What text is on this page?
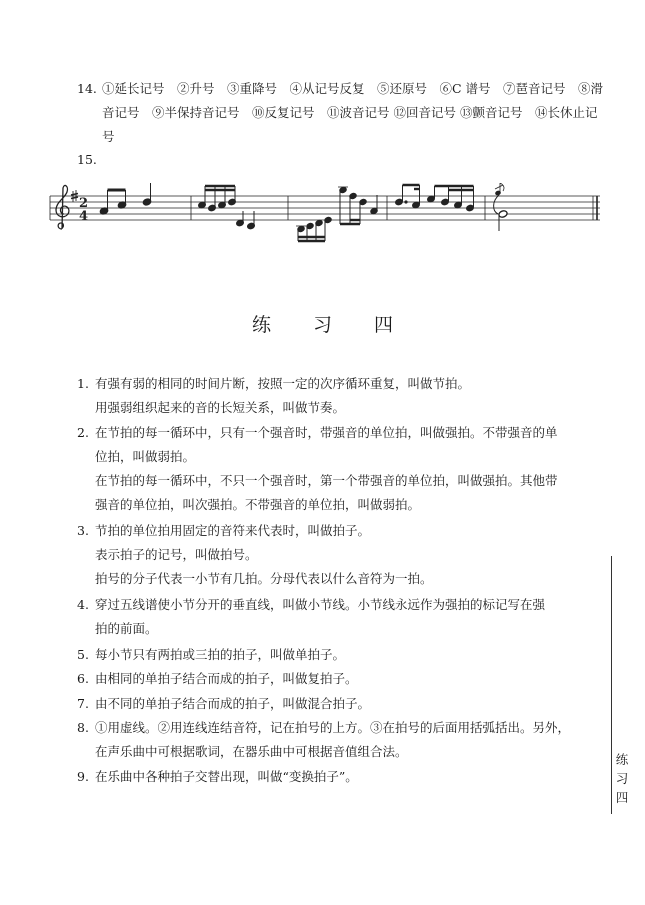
14. ①延长记号　②升号　③重降号　④从记号反复　⑤还原号　⑥C 谱号　⑦琶音记号　⑧滑音记号　⑨半保持音记号　⑩反复记号　⑪波音记号 ⑫回音记号 ⑬颤音记号　⑭长休止记号
15.
2
4
练 习 四
1. 有强有弱的相同的时间片断，按照一定的次序循环重复，叫做节拍。
用强弱组织起来的音的长短关系，叫做节奏。
2. 在节拍的每一循环中，只有一个强音时，带强音的单位拍，叫做强拍。不带强音的单
位拍，叫做弱拍。
在节拍的每一循环中，不只一个强音时，第一个带强音的单位拍，叫做强拍。其他带
强音的单位拍，叫次强拍。不带强音的单位拍，叫做弱拍。
3. 节拍的单位拍用固定的音符来代表时，叫做拍子。
表示拍子的记号，叫做拍号。
拍号的分子代表一小节有几拍。分母代表以什么音符为一拍。
4. 穿过五线谱使小节分开的垂直线，叫做小节线。小节线永远作为强拍的标记写在强
拍的前面。
5. 每小节只有两拍或三拍的拍子，叫做单拍子。
6. 由相同的单拍子结合而成的拍子，叫做复拍子。
7. 由不同的单拍子结合而成的拍子，叫做混合拍子。
8. ①用虚线。②用连线连结音符，记在拍号的上方。③在拍号的后面用括弧括出。另外，
在声乐曲中可根据歌词，在器乐曲中可根据音值组合法。
9. 在乐曲中各种拍子交替出现，叫做“变换拍子”。
练
习
四
